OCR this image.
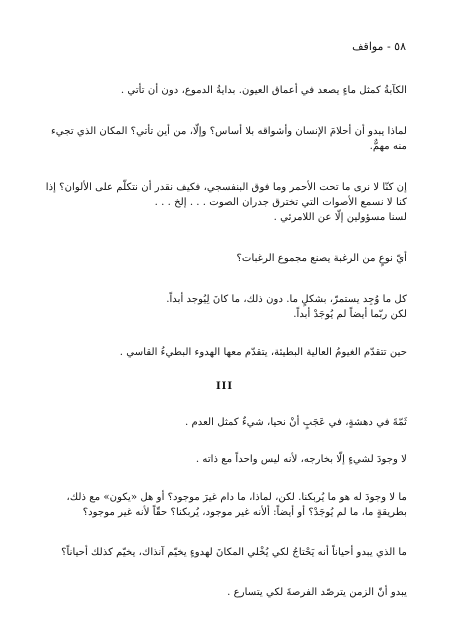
٥٨ - مواقف
الكآبةُ كمثل ماءٍ يصعد في أعماق العيون. بدايةُ الدموع، دون أن تأتي .
لماذا يبدو أن أحلامَ الإنسان وأشواقه بلا أساس؟ وإلّا، من أين تأتي؟ المكان الذي تجيء
منه مهمٌّ.
إن كنّا لا نرى ما تحت الأحمر وما فوق البنفسجي، فكيف نقدر أن نتكلّم على الألوان؟ إذا
كنا لا نسمع الأصوات التي تخترق جدران الصوت . . . إلخ . . .
لسنا مسؤولين إلّا عن اللامرئي .
أيّ نوعٍ من الرغبة يصنع مجموع الرغبات؟
كل ما وُجِد يستمرّ، بشكلٍ ما. دون ذلك، ما كانَ لِيُوجد أبداً.
لكن ربّما أيضاً لم يُوجَدْ أبداً.
حين تتقدّم الغيومُ العالية البطيئة، يتقدّم معها الهدوء البطيءُ القاسي .
III
ثَمّةَ في دهشةٍ، في عَجَبٍ أنْ نحيا، شيءٌ كمثل العدم .
لا وجودَ لشيءٍ إلّا بخارجه، لأنه ليس واحداً مع ذاته .
ما لا وجودَ له هو ما يُربكنا. لكن، لماذا، ما دام غيرَ موجود؟ أو هل «يكون» مع ذلك،
بطريقةٍ ما، ما لم يُوجَدْ؟ أو أيضاً: ألأنه غير موجود، يُربكنا؟ حقّاً لأنه غير موجود؟
ما الذي يبدو أحياناً أنه يَحْتاجُ لكي يُخْلي المكانَ لهدوءٍ يخيّم آنذاك، يخيّم كذلك أحياناً؟
يبدو أنّ الزمن يترصّد الفرصةَ لكي يتسارع .
